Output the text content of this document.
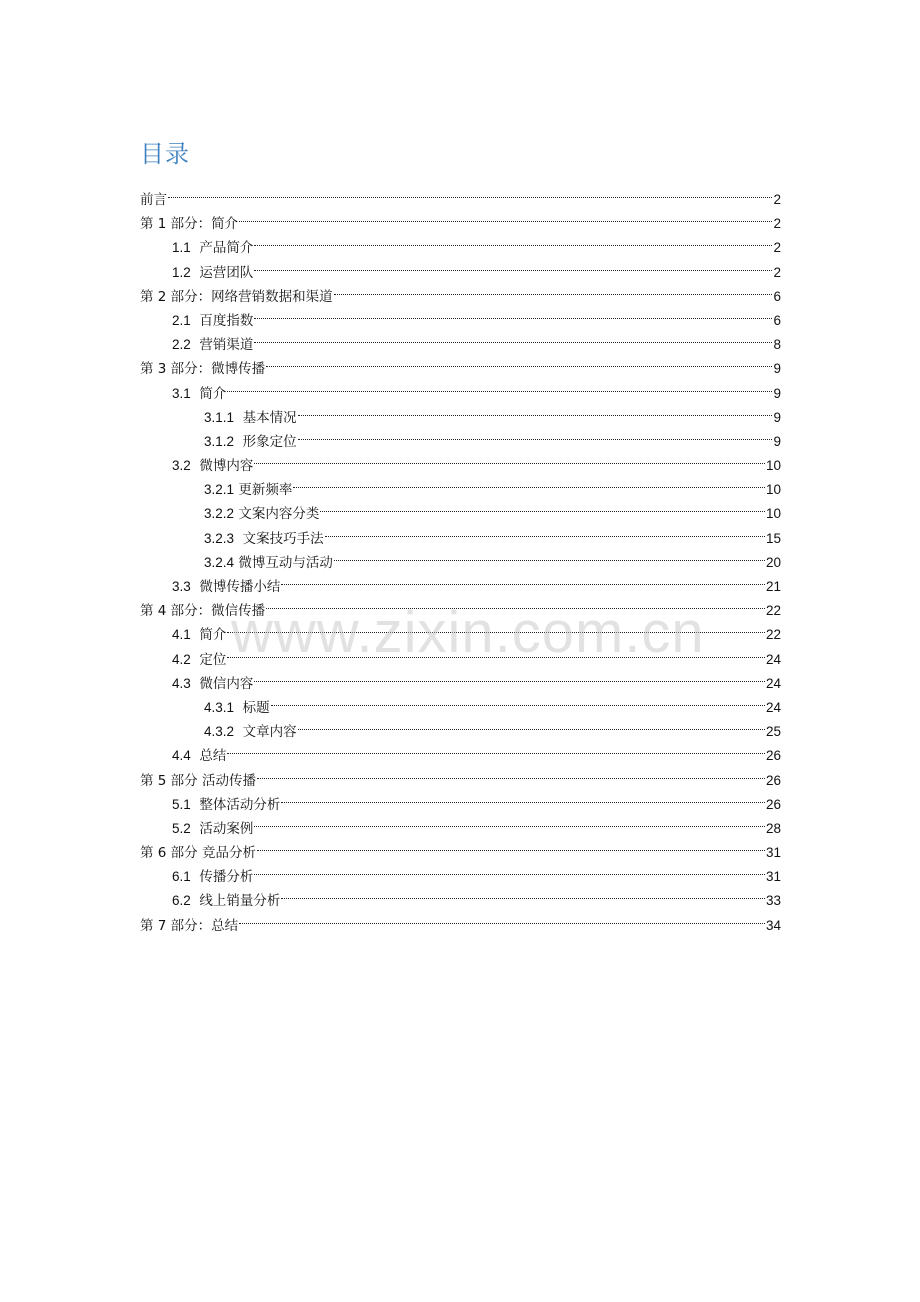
目录
前言	2
第 1 部分：简介	2
1.1 产品简介	2
1.2 运营团队	2
第 2 部分：网络营销数据和渠道	6
2.1 百度指数	6
2.2 营销渠道	8
第 3 部分：微博传播	9
3.1 简介	9
3.1.1 基本情况	9
3.1.2 形象定位	9
3.2 微博内容	10
3.2.1 更新频率	10
3.2.2 文案内容分类	10
3.2.3 文案技巧手法	15
3.2.4 微博互动与活动	20
3.3 微博传播小结	21
第 4 部分：微信传播	22
4.1 简介	22
4.2 定位	24
4.3 微信内容	24
4.3.1 标题	24
4.3.2 文章内容	25
4.4 总结	26
第 5 部分 活动传播	26
5.1 整体活动分析	26
5.2 活动案例	28
第 6 部分 竞品分析	31
6.1 传播分析	31
6.2 线上销量分析	33
第 7 部分：总结	34
www.zixin.com.cn
